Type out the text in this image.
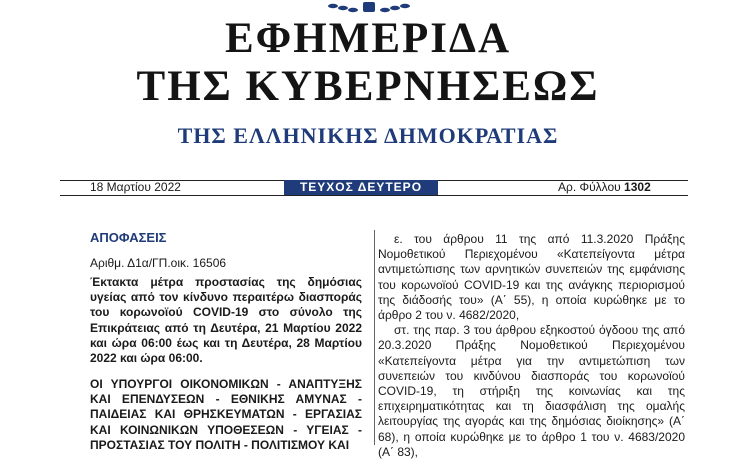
ΕΦΗΜΕΡΙΔΑ
ΤΗΣ ΚΥΒΕΡΝΗΣΕΩΣ
ΤΗΣ ΕΛΛΗΝΙΚΗΣ ΔΗΜΟΚΡΑΤΙΑΣ
18 Μαρτίου 2022	ΤΕΥΧΟΣ ΔΕΥΤΕΡΟ	Αρ. Φύλλου 1302
ΑΠΟΦΑΣΕΙΣ
Αριθμ. Δ1α/ΓΠ.οικ. 16506
Έκτακτα μέτρα προστασίας της δημόσιας υγείας από τον κίνδυνο περαιτέρω διασποράς του κορωνοϊού COVID-19 στο σύνολο της Επικράτειας από τη Δευτέρα, 21 Μαρτίου 2022 και ώρα 06:00 έως και τη Δευτέρα, 28 Μαρτίου 2022 και ώρα 06:00.
ΟΙ ΥΠΟΥΡΓΟΙ ΟΙΚΟΝΟΜΙΚΩΝ - ΑΝΑΠΤΥΞΗΣ ΚΑΙ ΕΠΕΝΔΥΣΕΩΝ - ΕΘΝΙΚΗΣ ΑΜΥΝΑΣ - ΠΑΙΔΕΙΑΣ ΚΑΙ ΘΡΗΣΚΕΥΜΑΤΩΝ - ΕΡΓΑΣΙΑΣ ΚΑΙ ΚΟΙΝΩΝΙΚΩΝ ΥΠΟΘΕΣΕΩΝ - ΥΓΕΙΑΣ - ΠΡΟΣΤΑΣΙΑΣ ΤΟΥ ΠΟΛΙΤΗ - ΠΟΛΙΤΙΣΜΟΥ ΚΑΙ

ε. του άρθρου 11 της από 11.3.2020 Πράξης Νομοθετικού Περιεχομένου «Κατεπείγοντα μέτρα αντιμετώπισης των αρνητικών συνεπειών της εμφάνισης του κορωνοϊού COVID-19 και της ανάγκης περιορισμού της διάδοσής του» (Α΄ 55), η οποία κυρώθηκε με το άρθρο 2 του ν. 4682/2020,

στ. της παρ. 3 του άρθρου εξηκοστού όγδοου της από 20.3.2020 Πράξης Νομοθετικού Περιεχομένου «Κατεπείγοντα μέτρα για την αντιμετώπιση των συνεπειών του κινδύνου διασποράς του κορωνοϊού COVID-19, τη στήριξη της κοινωνίας και της επιχειρηματικότητας και τη διασφάλιση της ομαλής λειτουργίας της αγοράς και της δημόσιας διοίκησης» (Α΄ 68), η οποία κυρώθηκε με το άρθρο 1 του ν. 4683/2020 (Α΄ 83),
